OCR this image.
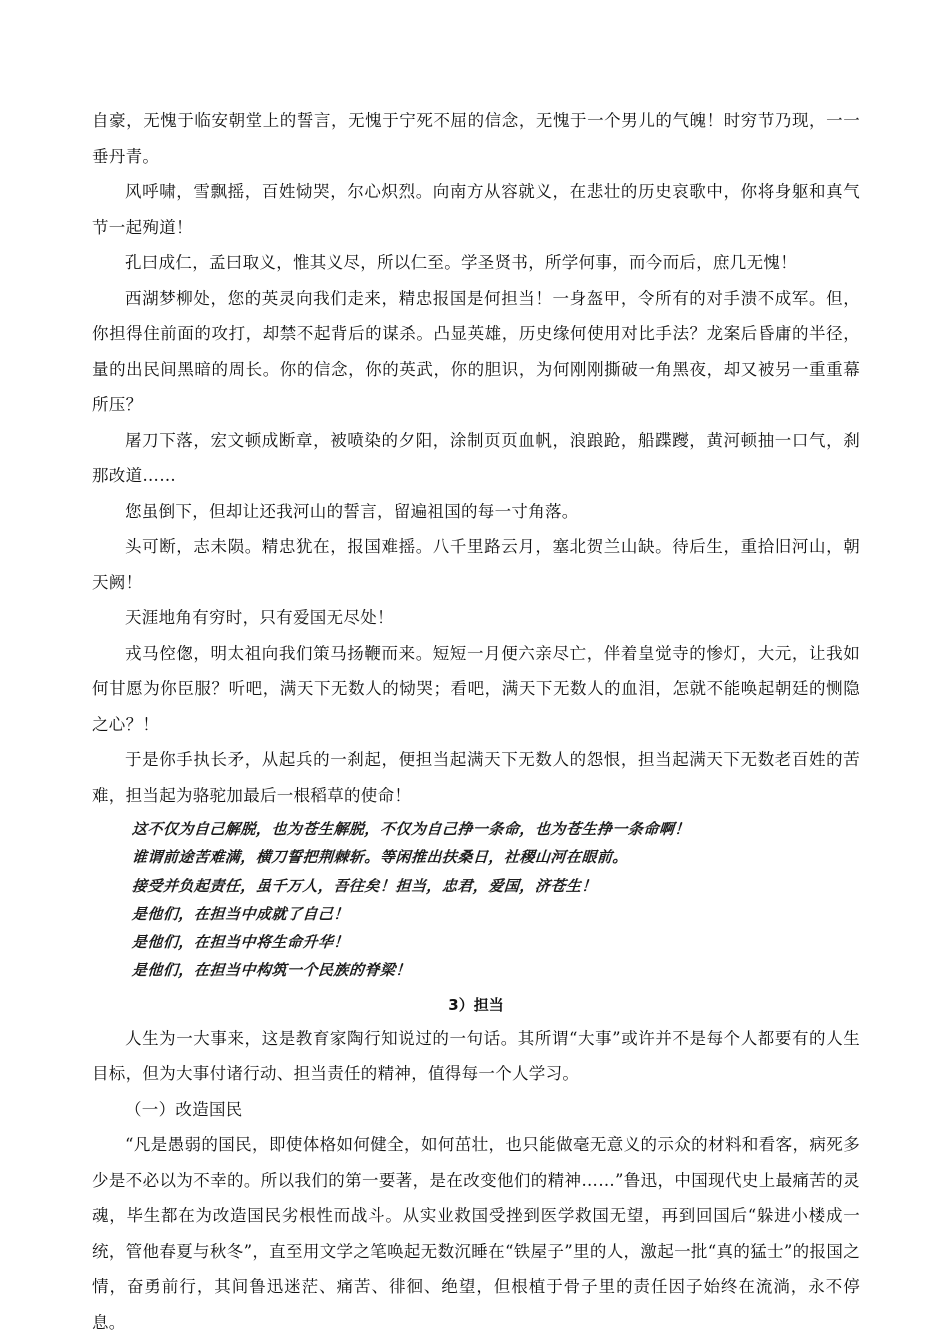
自豪，无愧于临安朝堂上的誓言，无愧于宁死不屈的信念，无愧于一个男儿的气魄！时穷节乃现，一一垂丹青。

风呼啸，雪飘摇，百姓恸哭，尔心炽烈。向南方从容就义，在悲壮的历史哀歌中，你将身躯和真气节一起殉道！

孔曰成仁，孟曰取义，惟其义尽，所以仁至。学圣贤书，所学何事，而今而后，庶几无愧！

西湖梦柳处，您的英灵向我们走来，精忠报国是何担当！一身盔甲，令所有的对手溃不成军。但，你担得住前面的攻打，却禁不起背后的谋杀。凸显英雄，历史缘何使用对比手法？龙案后昏庸的半径，量的出民间黑暗的周长。你的信念，你的英武，你的胆识，为何刚刚撕破一角黑夜，却又被另一重重幕所压？

屠刀下落，宏文顿成断章，被喷染的夕阳，涂制页页血帆，浪踉跄，船蹀躞，黄河顿抽一口气，刹那改道……

您虽倒下，但却让还我河山的誓言，留遍祖国的每一寸角落。

头可断，志未陨。精忠犹在，报国难摇。八千里路云月，塞北贺兰山缺。待后生，重拾旧河山，朝天阙！

天涯地角有穷时，只有爱国无尽处！

戎马倥偬，明太祖向我们策马扬鞭而来。短短一月便六亲尽亡，伴着皇觉寺的惨灯，大元，让我如何甘愿为你臣服？听吧，满天下无数人的恸哭；看吧，满天下无数人的血泪，怎就不能唤起朝廷的恻隐之心？！

于是你手执长矛，从起兵的一刹起，便担当起满天下无数人的怨恨，担当起满天下无数老百姓的苦难，担当起为骆驼加最后一根稻草的使命！

这不仅为自己解脱，也为苍生解脱，不仅为自己挣一条命，也为苍生挣一条命啊！

谁谓前途苦难满，横刀誓把荆棘斩。等闲推出扶桑日，社稷山河在眼前。

接受并负起责任，虽千万人，吾往矣！担当，忠君，爱国，济苍生！

是他们，在担当中成就了自己！

是他们，在担当中将生命升华！

是他们，在担当中构筑一个民族的脊梁！

3）担当

人生为一大事来，这是教育家陶行知说过的一句话。其所谓“大事”或许并不是每个人都要有的人生目标，但为大事付诸行动、担当责任的精神，值得每一个人学习。

（一）改造国民

“凡是愚弱的国民，即使体格如何健全，如何茁壮，也只能做毫无意义的示众的材料和看客，病死多少是不必以为不幸的。所以我们的第一要著，是在改变他们的精神……”鲁迅，中国现代史上最痛苦的灵魂，毕生都在为改造国民劣根性而战斗。从实业救国受挫到医学救国无望，再到回国后“躲进小楼成一统，管他春夏与秋冬”，直至用文学之笔唤起无数沉睡在“铁屋子”里的人，激起一批“真的猛士”的报国之情，奋勇前行，其间鲁迅迷茫、痛苦、徘徊、绝望，但根植于骨子里的责任因子始终在流淌，永不停息。
